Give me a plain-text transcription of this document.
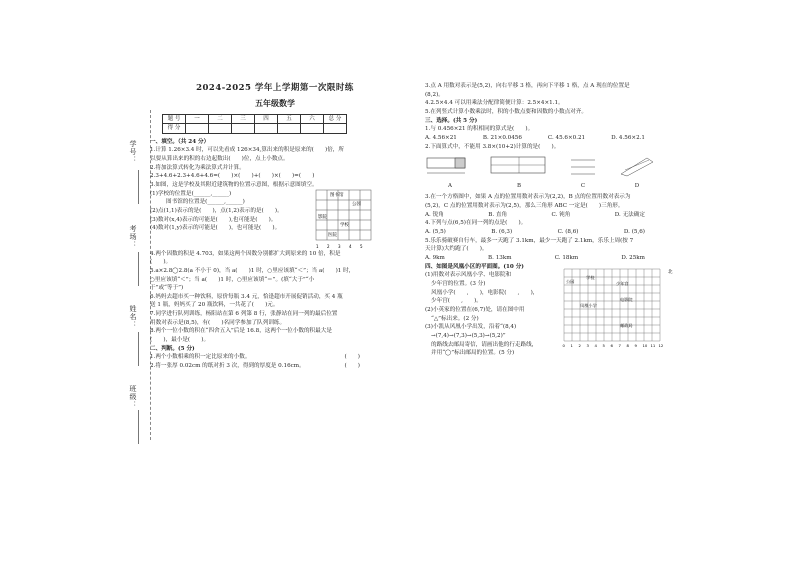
学号：
考场：
姓名：
班级：
2024-2025 学年上学期第一次限时练
五年级数学
题 号	一	二	三	四	五	六	总 分
得 分							
一、填空。（共 24 分）
1.计算 1.26×3.4 时，可以先看成 126×34,算出来的积是原来的(　　)倍，所
以要从算出来的积的右边起数出(　　)位，点上小数点。
2.将加法算式转化为乘法算式并计算。
2.3+4.6+2.3+4.6+4.6=(　　)×(　　)+(　　)×(　　)=(　　)
3.如图，这是学校及其附近建筑物的位置示意图，根据示意图填空。
(1)学校的位置是(______,______)
图书馆的位置是(______,______)
(2)点(1,1)表示的是(　　)，点(1,2)表示的是(　　)。
(3)数对(x,4)表示的可能是(　　),也可能是(　　)。
(4)数对(1,y)表示的可能是(　　)，也可能是(　　)。
图书馆
公园
影院
学校
医院
1 2 3 4 5
4.两个因数的积是 4.703，如果这两个因数分别都扩大到原来的 10 倍，积是
(　　)。
5.a×2.8◯2.8(a 不小于 0)，当 a(　　)1 时，○里应该填“＜”；当 a(　　)1 时，
○里应该填“＜”；当 a(　　)1 时，○里应该填“＝”。(填“大于”“小
于”或“等于”)
6.妈妈去超市买一种饮料，原价每瓶 3.4 元，恰逢超市开展促销活动，买 4 瓶
送 1 瓶，妈妈买了 20 瓶饮料，一共花了(　　)元。
7.同学进行队列训练，杨阳站在第 6 列第 8 行，张静站在同一列的最后位置
用数对表示是(8,5)，有(　　)名同学参加了队列训练。
8.两个一位小数的积在“四舍五入”后是 16.8，这两个一位小数的积最大是
(　　)，最小是(　　)。
二、判断。(5 分)
1.两个小数相乘的积一定比原来的小数。	(　　)
2.将一张厚 0.02cm 的纸对折 3 次，得到的厚度是 0.16cm。	(　　)
3.点 A 用数对表示是(5,2)，向右平移 3 格，再向下平移 1 格，点 A 现在的位置是
(8,2)。
4.2.5×4.4 可以用乘法分配律简便计算：2.5×4×1.1。
5.在列竖式计算小数乘法时，积的小数点要和因数的小数点对齐。
三、选择。(共 5 分)
1.与 0.456×21 的积相同的算式是(　　)。
A. 4.56×21	B. 21×0.0456	C. 45.6×0.21	D. 4.56×2.1
2.下面算式中，不能用 3.8×(10+2)计算的是(　　)。
A	B	C	D
3.在一个方格图中，如果 A 点的位置用数对表示为(2,2)，B 点的位置用数对表示为
(5,2)，C 点的位置用数对表示为(2,5)，那么三角形 ABC 一定是(　　)三角形。
A. 锐角	B. 直角	C. 钝角	D. 无法确定
4.下列与点(6,5)在同一列的点是(　　)。
A. (5,5)	B. (6,3)	C. (8,6)	D. (5,6)
5.乐乐骑破赛自行车，最多一天跑了 3.1km，最少一天跑了 2.1km，乐乐上周(按 7
天计算)大约跑了(　　)。
A. 9km	B. 13km	C. 18km	D. 25km
四、如图是风凰小区的平面图。(10 分)
(1)用数对表示风凰小学、电影院和
少年宫的位置。(3 分)
风凰小学(　　,　　)，电影院(　　,　　)，
少年宫(　　,　　)。
(2)小英家的位置在(6,7)处，请在图中用
“△”标出来。(2 分)
(3)小凯从风凰小学出发，沿着“(8,4)
→(7,4)→(7,3)→(5,3)→(5,2)”
的路线去邮局寄信，请画出他的行走路线，
并用“◯”标出邮局的位置。(5 分)
学校
公园	少年宫
电影院
凤凰小学
邮政局
北
0 1 2 3 4 5 6 7 8 9 10 11 12
